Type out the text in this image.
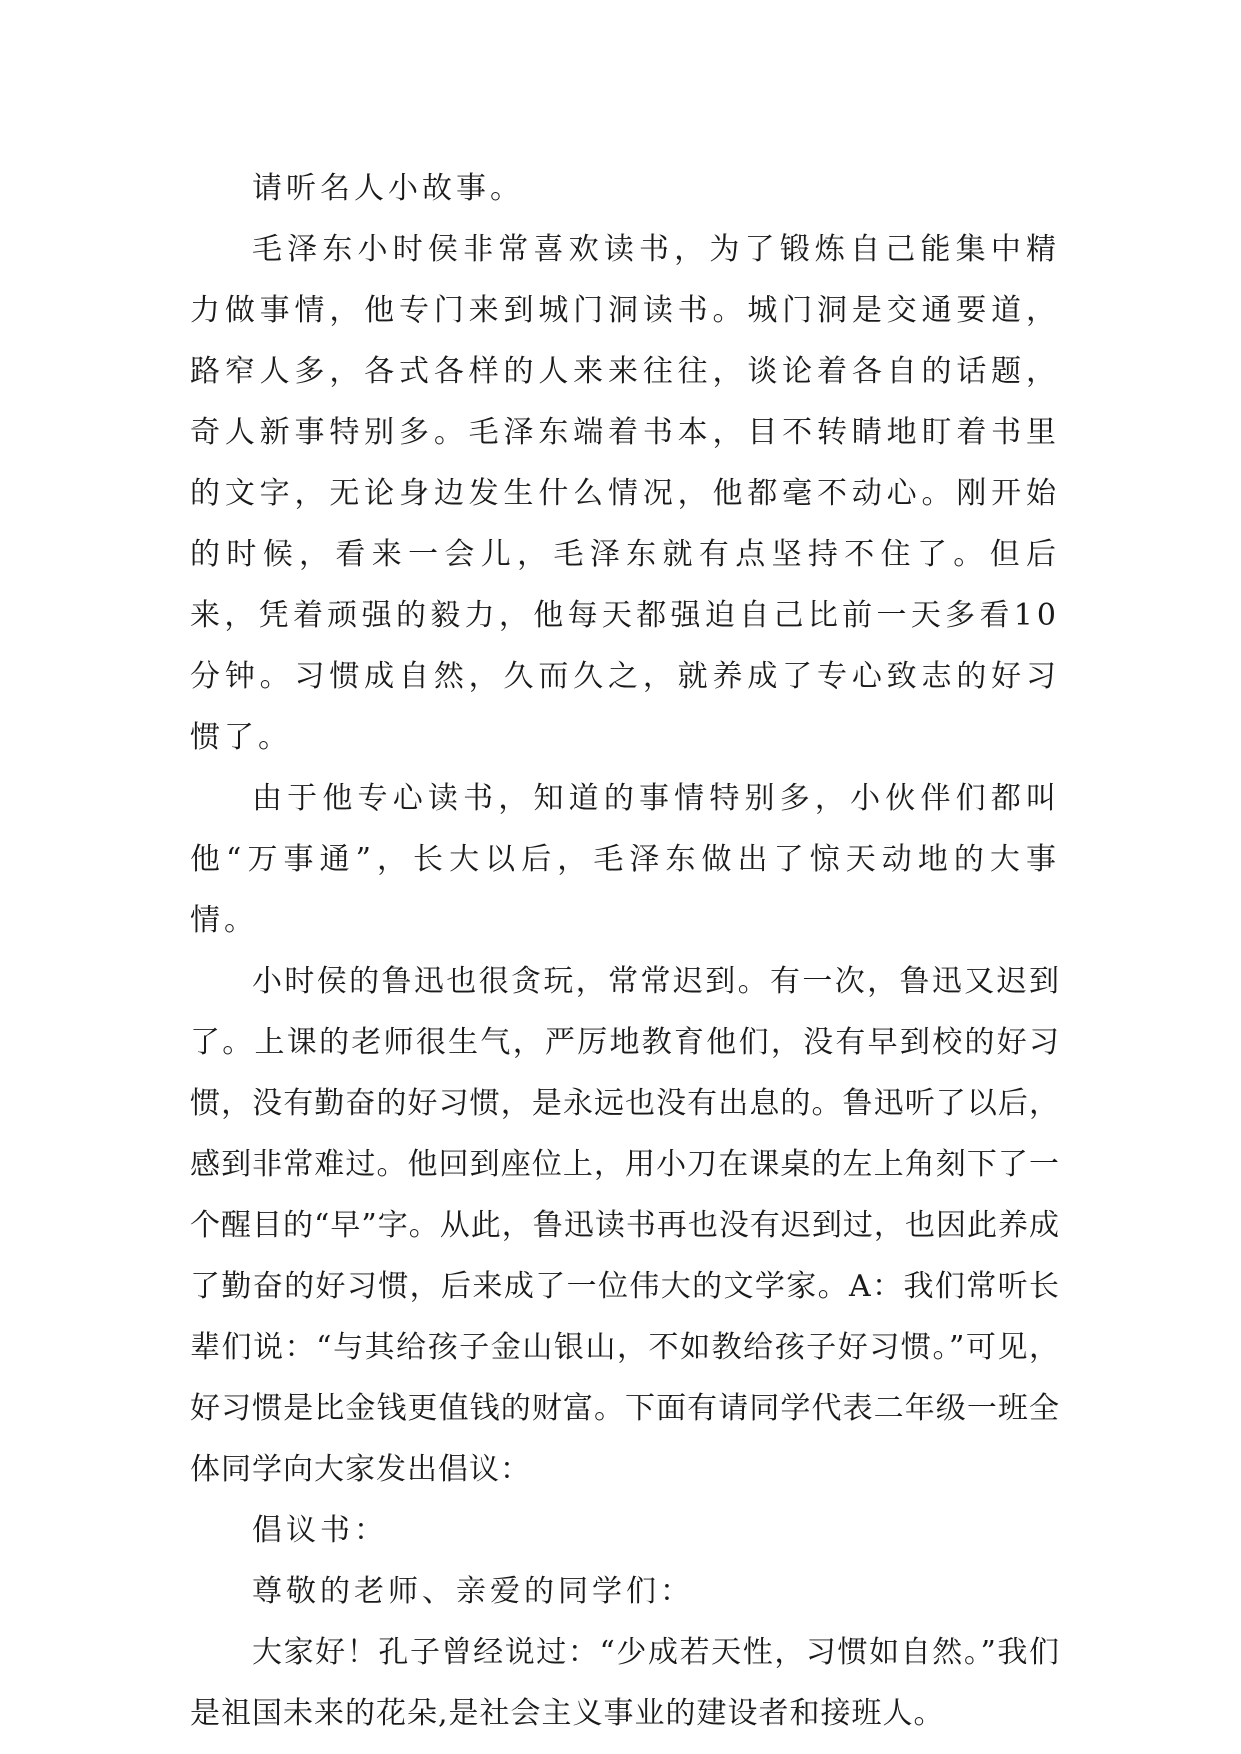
请听名人小故事。

毛泽东小时侯非常喜欢读书，为了锻炼自己能集中精力做事情，他专门来到城门洞读书。城门洞是交通要道，路窄人多，各式各样的人来来往往，谈论着各自的话题，奇人新事特别多。毛泽东端着书本，目不转睛地盯着书里的文字，无论身边发生什么情况，他都毫不动心。刚开始的时候，看来一会儿，毛泽东就有点坚持不住了。但后来，凭着顽强的毅力，他每天都强迫自己比前一天多看10分钟。习惯成自然，久而久之，就养成了专心致志的好习惯了。

由于他专心读书，知道的事情特别多，小伙伴们都叫他“万事通”，长大以后，毛泽东做出了惊天动地的大事情。

小时侯的鲁迅也很贪玩，常常迟到。有一次，鲁迅又迟到了。上课的老师很生气，严厉地教育他们，没有早到校的好习惯，没有勤奋的好习惯，是永远也没有出息的。鲁迅听了以后，感到非常难过。他回到座位上，用小刀在课桌的左上角刻下了一个醒目的“早”字。从此，鲁迅读书再也没有迟到过，也因此养成了勤奋的好习惯，后来成了一位伟大的文学家。A：我们常听长辈们说：“与其给孩子金山银山，不如教给孩子好习惯。”可见，好习惯是比金钱更值钱的财富。下面有请同学代表二年级一班全体同学向大家发出倡议：

倡议书：

尊敬的老师、亲爱的同学们：

大家好！孔子曾经说过：“少成若天性，习惯如自然。”我们是祖国未来的花朵,是社会主义事业的建设者和接班人。
